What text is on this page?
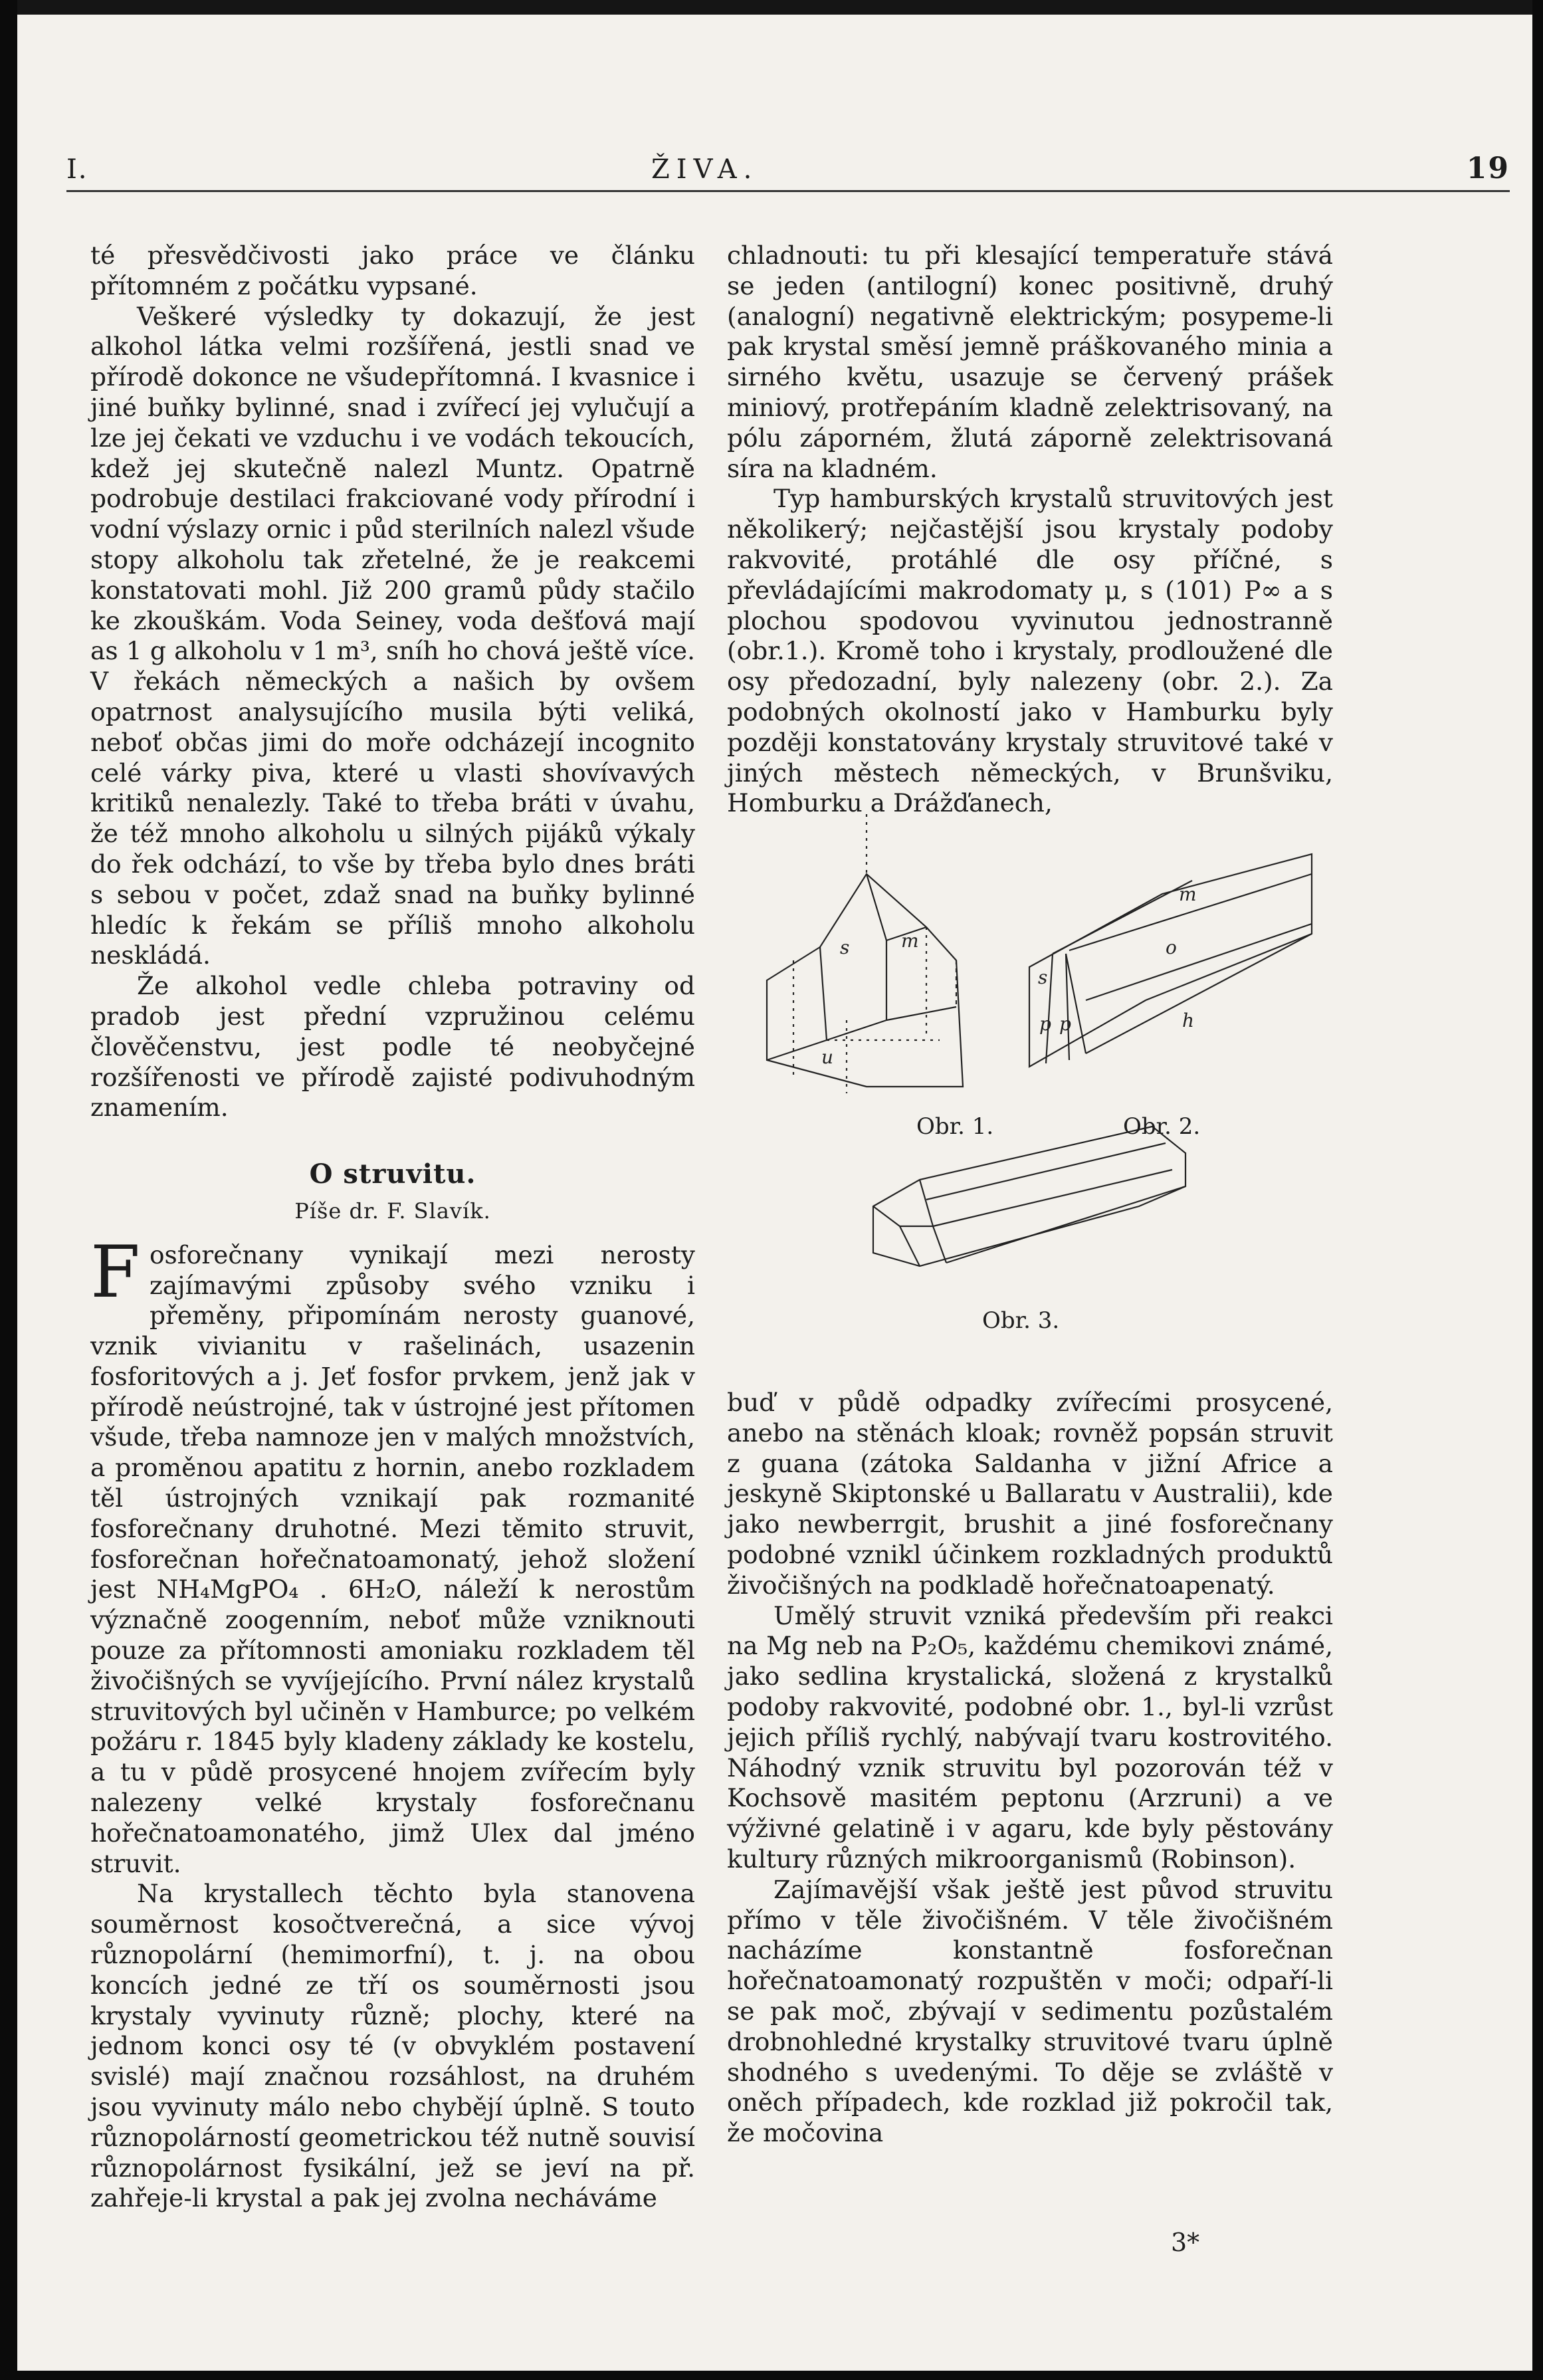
I.	ŽIVA.	19

té přesvědčivosti jako práce ve článku přítomném z počátku vypsané.

Veškeré výsledky ty dokazují, že jest alkohol látka velmi rozšířená, jestli snad ve přírodě dokonce ne všudepřítomná. I kvasnice i jiné buňky bylinné, snad i zvířecí jej vylučují a lze jej čekati ve vzduchu i ve vodách tekoucích, kdež jej skutečně nalezl Muntz. Opatrně podrobuje destilaci frakciované vody přírodní i vodní výslazy ornic i půd sterilních nalezl všude stopy alkoholu tak zřetelné, že je reakcemi konstatovati mohl. Již 200 gramů půdy stačilo ke zkouškám. Voda Seiney, voda dešťová mají as 1 g alkoholu v 1 m³, sníh ho chová ještě více. V řekách německých a našich by ovšem opatrnost analysujícího musila býti veliká, neboť občas jimi do moře odcházejí incognito celé várky piva, které u vlasti shovívavých kritiků nenalezly. Také to třeba bráti v úvahu, že též mnoho alkoholu u silných pijáků výkaly do řek odchází, to vše by třeba bylo dnes bráti s sebou v počet, zdaž snad na buňky bylinné hledíc k řekám se příliš mnoho alkoholu neskládá.

Že alkohol vedle chleba potraviny od pradob jest přední vzpružinou celému člověčenstvu, jest podle té neobyčejné rozšířenosti ve přírodě zajisté podivuhodným znamením.

O struvitu.

Píše dr. F. Slavík.

Fosforečnany vynikají mezi nerosty zajímavými způsoby svého vzniku i přeměny, připomínám nerosty guanové, vznik vivianitu v rašelinách, usazenin fosforitových a j. Jeť fosfor prvkem, jenž jak v přírodě neústrojné, tak v ústrojné jest přítomen všude, třeba namnoze jen v malých množstvích, a proměnou apatitu z hornin, anebo rozkladem těl ústrojných vznikají pak rozmanité fosforečnany druhotné. Mezi těmito struvit, fosforečnan hořečnatoamonatý, jehož složení jest NH₄MgPO₄ . 6H₂O, náleží k nerostům význačně zoogenním, neboť může vzniknouti pouze za přítomnosti amoniaku rozkladem těl živočišných se vyvíjejícího. První nález krystalů struvitových byl učiněn v Hamburce; po velkém požáru r. 1845 byly kladeny základy ke kostelu, a tu v půdě prosycené hnojem zvířecím byly nalezeny velké krystaly fosforečnanu hořečnatoamonatého, jimž Ulex dal jméno struvit.

Na krystallech těchto byla stanovena souměrnost kosočtverečná, a sice vývoj různopolární (hemimorfní), t. j. na obou koncích jedné ze tří os souměrnosti jsou krystaly vyvinuty různě; plochy, které na jednom konci osy té (v obvyklém postavení svislé) mají značnou rozsáhlost, na druhém jsou vyvinuty málo nebo chybějí úplně. S touto různopolárností geometrickou též nutně souvisí různopolárnost fysikální, jež se jeví na př. zahřeje-li krystal a pak jej zvolna necháváme

chladnouti: tu při klesající temperatuře stává se jeden (antilogní) konec positivně, druhý (analogní) negativně elektrickým; posypeme-li pak krystal směsí jemně práškovaného minia a sirného květu, usazuje se červený prášek miniový, protřepáním kladně zelektrisovaný, na pólu záporném, žlutá záporně zelektrisovaná síra na kladném.

Typ hamburských krystalů struvitových jest několikerý; nejčastější jsou krystaly podoby rakvovité, protáhlé dle osy příčné, s převládajícími makrodomaty μ, s (101) P∞ a s plochou spodovou vyvinutou jednostranně (obr.1.). Kromě toho i krystaly, prodloužené dle osy předozadní, byly nalezeny (obr. 2.). Za podobných okolností jako v Hamburku byly později konstatovány krystaly struvitové také v jiných městech německých, v Brunšviku, Homburku a Drážďanech,

s	m
u
m
s
o
p p	h
Obr. 1.	Obr. 2.
Obr. 3.

buď v půdě odpadky zvířecími prosycené, anebo na stěnách kloak; rovněž popsán struvit z guana (zátoka Saldanha v jižní Africe a jeskyně Skiptonské u Ballaratu v Australii), kde jako newberrgit, brushit a jiné fosforečnany podobné vznikl účinkem rozkladných produktů živočišných na podkladě hořečnatoapenatý.

Umělý struvit vzniká především při reakci na Mg neb na P₂O₅, každému chemikovi známé, jako sedlina krystalická, složená z krystalků podoby rakvovité, podobné obr. 1., byl-li vzrůst jejich příliš rychlý, nabývají tvaru kostrovitého. Náhodný vznik struvitu byl pozorován též v Kochsově masitém peptonu (Arzruni) a ve výživné gelatině i v agaru, kde byly pěstovány kultury různých mikroorganismů (Robinson).

Zajímavější však ještě jest původ struvitu přímo v těle živočišném. V těle živočišném nacházíme konstantně fosforečnan hořečnatoamonatý rozpuštěn v moči; odpaří-li se pak moč, zbývají v sedimentu pozůstalém drobnohledné krystalky struvitové tvaru úplně shodného s uvedenými. To děje se zvláště v oněch případech, kde rozklad již pokročil tak, že močovina

3*
